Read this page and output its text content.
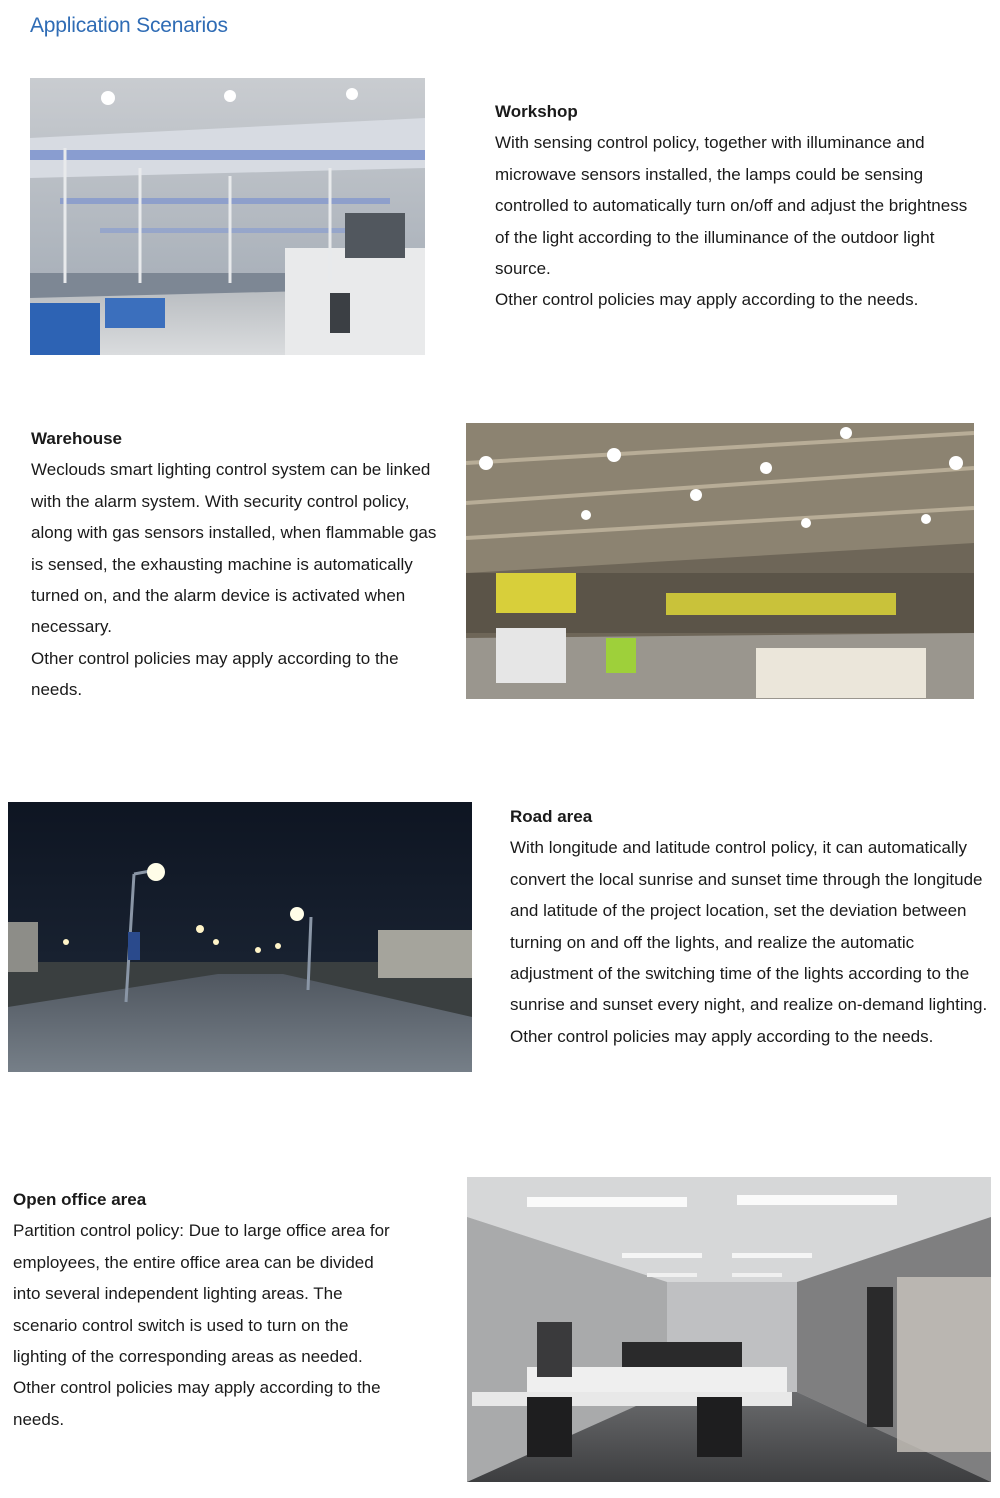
Application Scenarios
Workshop

With sensing control policy, together with illuminance and microwave sensors installed, the lamps could be sensing controlled to automatically turn on/off and adjust the brightness of the light according to the illuminance of the outdoor light source.

Other control policies may apply according to the needs.

Warehouse

Weclouds smart lighting control system can be linked with the alarm system. With security control policy, along with gas sensors installed, when flammable gas is sensed, the exhausting machine is automatically turned on, and the alarm device is activated when necessary.

Other control policies may apply according to the needs.

Road area

With longitude and latitude control policy, it can automatically convert the local sunrise and sunset time through the longitude and latitude of the project location, set the deviation between turning on and off the lights, and realize the automatic adjustment of the switching time of the lights according to the sunrise and sunset every night, and realize on-demand lighting.

Other control policies may apply according to the needs.

Open office area

Partition control policy: Due to large office area for employees, the entire office area can be divided into several independent lighting areas. The scenario control switch is used to turn on the lighting of the corresponding areas as needed.

Other control policies may apply according to the needs.
